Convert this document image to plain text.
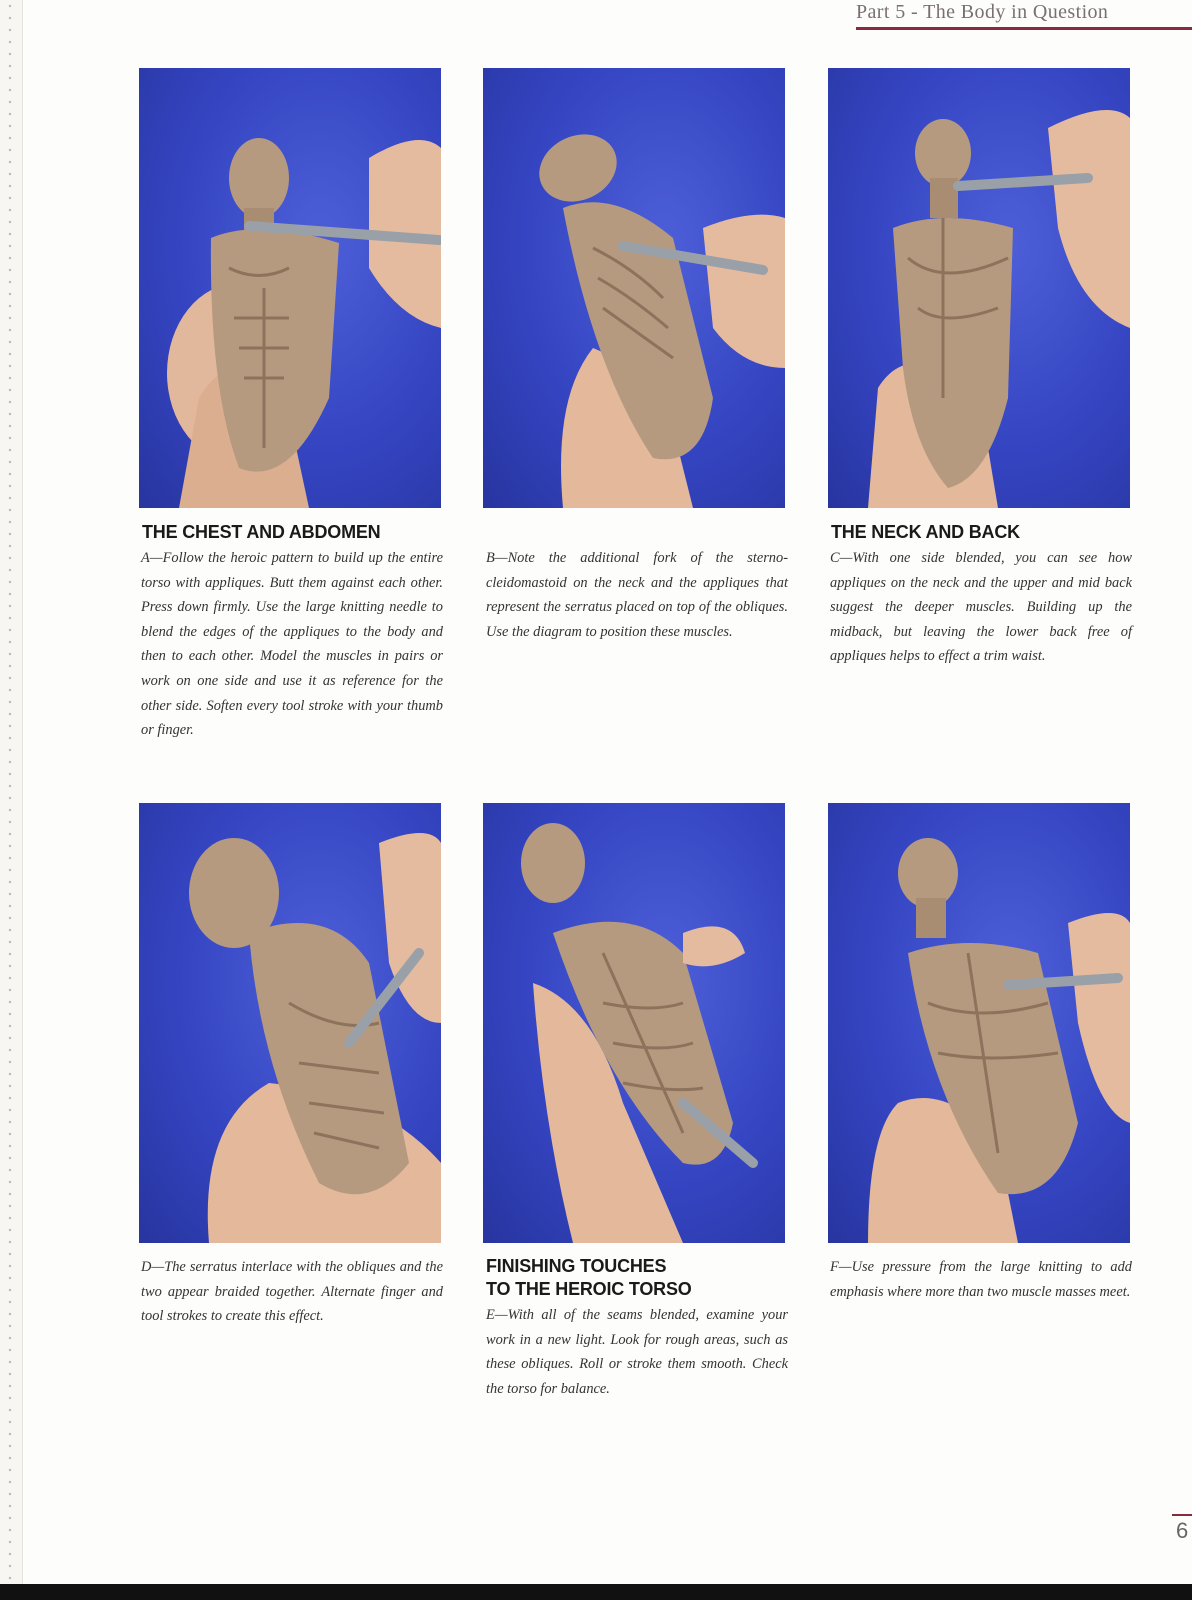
Part 5 - The Body in Question
THE CHEST AND ABDOMEN
A—Follow the heroic pattern to build up the entire torso with appliques. Butt them against each other. Press down firmly. Use the large knitting needle to blend the edges of the appliques to the body and then to each other. Model the muscles in pairs or work on one side and use it as reference for the other side. Soften every tool stroke with your thumb or finger.
B—Note the additional fork of the sternocleidomastoid on the neck and the appliques that represent the serratus placed on top of the obliques. Use the diagram to position these muscles.
THE NECK AND BACK
C—With one side blended, you can see how appliques on the neck and the upper and mid back suggest the deeper muscles. Building up the midback, but leaving the lower back free of appliques helps to effect a trim waist.
D—The serratus interlace with the obliques and the two appear braided together. Alternate finger and tool strokes to create this effect.
FINISHING TOUCHES
TO THE HEROIC TORSO
E—With all of the seams blended, examine your work in a new light. Look for rough areas, such as these obliques. Roll or stroke them smooth. Check the torso for balance.
F—Use pressure from the large knitting to add emphasis where more than two muscle masses meet.
6
